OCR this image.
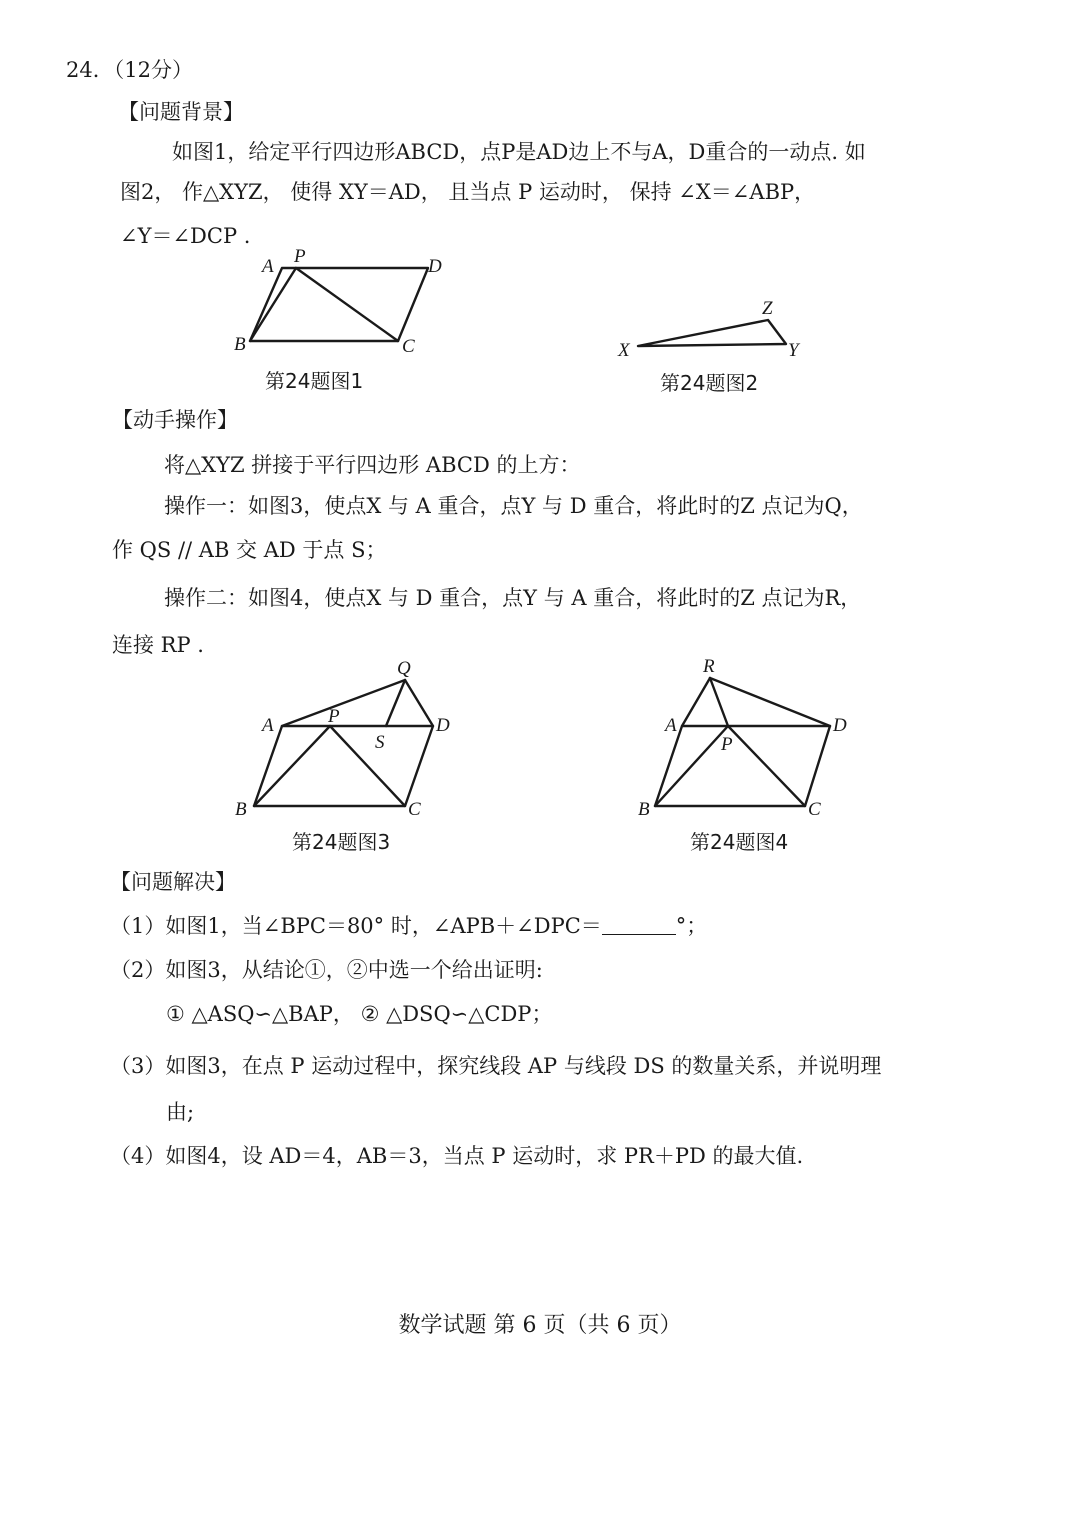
24．（12分）
【问题背景】
如图1，给定平行四边形ABCD，点P是AD边上不与A，D重合的一动点. 如
图2， 作△XYZ， 使得 XY＝AD， 且当点 P 运动时， 保持 ∠X＝∠ABP，
∠Y＝∠DCP .
A P	D
B	C	X	Y
Z
Q
A	P
S
D
B	C
R
A
P
D
B	C
第24题图1	第24题图2
【动手操作】
将△XYZ 拼接于平行四边形 ABCD 的上方：
操作一：如图3，使点X 与 A 重合，点Y 与 D 重合，将此时的Z 点记为Q，
作 QS // AB 交 AD 于点 S；
操作二：如图4，使点X 与 D 重合，点Y 与 A 重合，将此时的Z 点记为R，
连接 RP .
第24题图3	第24题图4
【问题解决】
（1）如图1，当∠BPC＝80° 时，∠APB＋∠DPC＝	°；
（2）如图3，从结论①，②中选一个给出证明:
① △ASQ∽△BAP， ② △DSQ∽△CDP；
（3）如图3，在点 P 运动过程中，探究线段 AP 与线段 DS 的数量关系，并说明理
由;
（4）如图4，设 AD＝4，AB＝3，当点 P 运动时，求 PR＋PD 的最大值.
数学试题 第 6 页（共 6 页）
